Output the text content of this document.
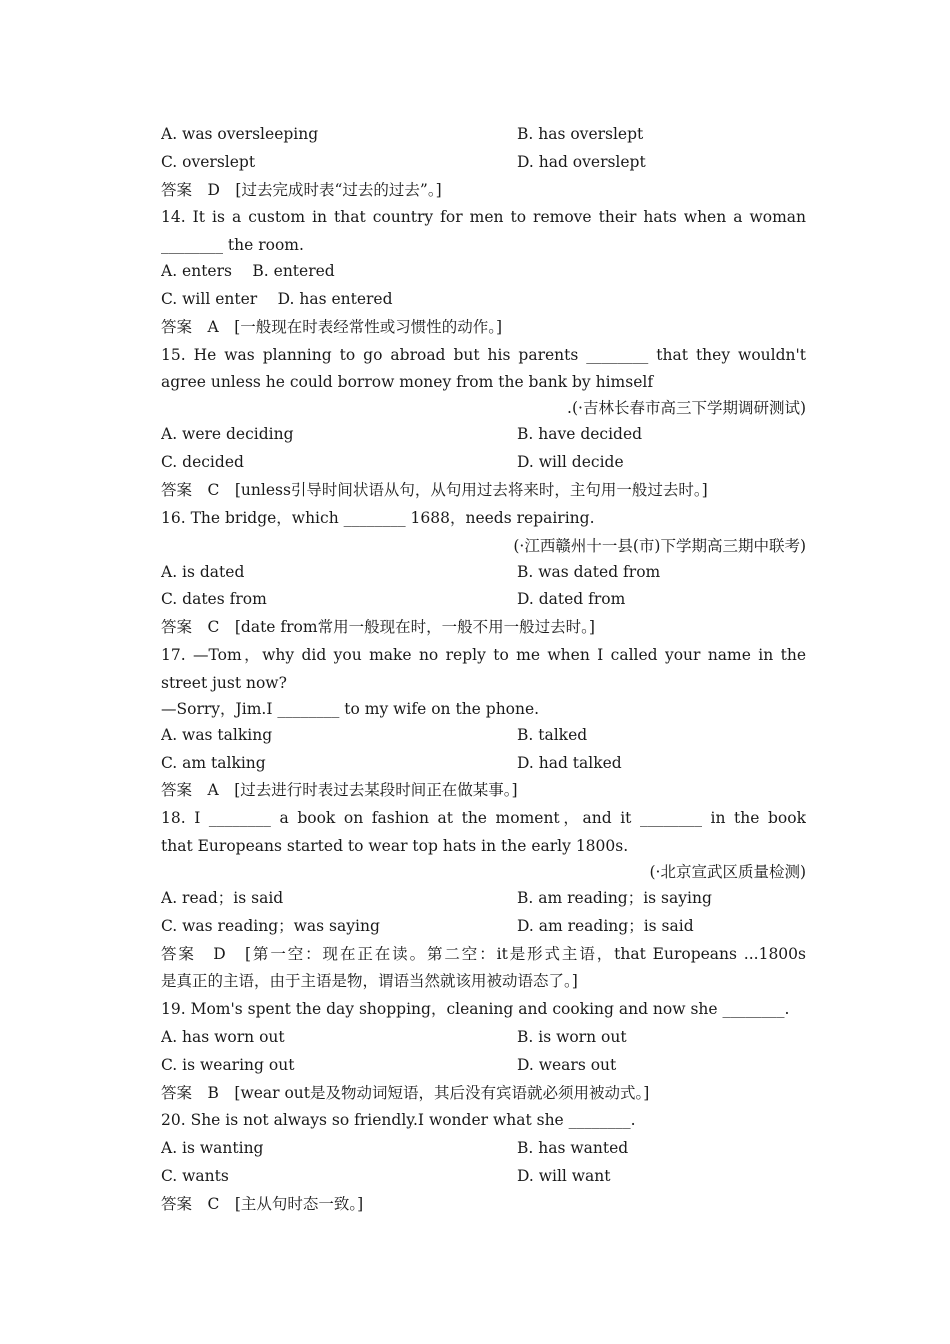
A. was oversleeping	B. has overslept
C. overslept	D. had overslept
答案　D　[过去完成时表“过去的过去”。]
14. It is a custom in that country for men to remove their hats when a woman
________ the room.
A. enters　 B. entered
C. will enter　 D. has entered
答案　A　[一般现在时表经常性或习惯性的动作。]
15. He was planning to go abroad but his parents ________ that they wouldn't
agree unless he could borrow money from the bank by himself
.(·吉林长春市高三下学期调研测试)
A. were deciding	B. have decided
C. decided	D. will decide
答案　C　[unless引导时间状语从句，从句用过去将来时，主句用一般过去时。]
16. The bridge，which ________ 1688，needs repairing.
(·江西赣州十一县(市)下学期高三期中联考)
A. is dated	B. was dated from
C. dates from	D. dated from
答案　C　[date from常用一般现在时，一般不用一般过去时。]
17. —Tom，why did you make no reply to me when I called your name in the
street just now?
—Sorry，Jim.I ________ to my wife on the phone.
A. was talking	B. talked
C. am talking	D. had talked
答案　A　[过去进行时表过去某段时间正在做某事。]
18. I ________ a book on fashion at the moment，and it ________ in the book
that Europeans started to wear top hats in the early 1800s.
(·北京宣武区质量检测)
A. read；is said	B. am reading；is saying
C. was reading；was saying	D. am reading；is said
答案　D　[第一空：现在正在读。第二空：it是形式主语，that Europeans ...1800s
是真正的主语，由于主语是物，谓语当然就该用被动语态了。]
19. Mom's spent the day shopping，cleaning and cooking and now she ________.
A. has worn out	B. is worn out
C. is wearing out	D. wears out
答案　B　[wear out是及物动词短语，其后没有宾语就必须用被动式。]
20. She is not always so friendly.I wonder what she ________.
A. is wanting	B. has wanted
C. wants	D. will want
答案　C　[主从句时态一致。]
